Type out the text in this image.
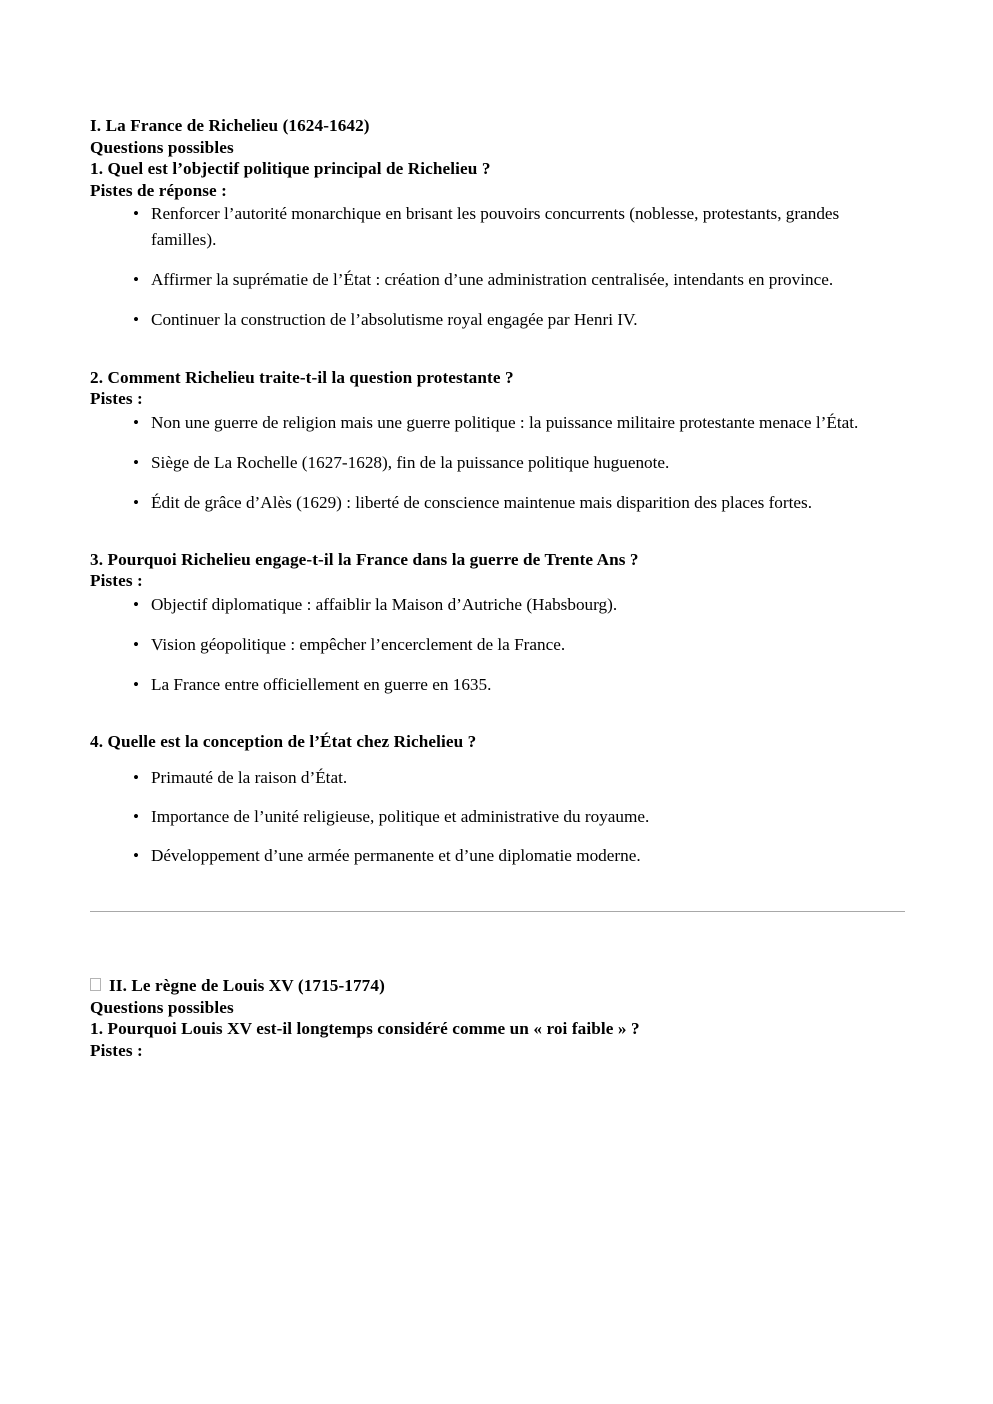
I. La France de Richelieu (1624-1642)

Questions possibles

1. Quel est l’objectif politique principal de Richelieu ?

Pistes de réponse :

• Renforcer l’autorité monarchique en brisant les pouvoirs concurrents (noblesse, protestants, grandes familles).
• Affirmer la suprématie de l’État : création d’une administration centralisée, intendants en province.
• Continuer la construction de l’absolutisme royal engagée par Henri IV.

2. Comment Richelieu traite-t-il la question protestante ?

Pistes :

• Non une guerre de religion mais une guerre politique : la puissance militaire protestante menace l’État.
• Siège de La Rochelle (1627-1628), fin de la puissance politique huguenote.
• Édit de grâce d’Alès (1629) : liberté de conscience maintenue mais disparition des places fortes.

3. Pourquoi Richelieu engage-t-il la France dans la guerre de Trente Ans ?

Pistes :

• Objectif diplomatique : affaiblir la Maison d’Autriche (Habsbourg).
• Vision géopolitique : empêcher l’encerclement de la France.
• La France entre officiellement en guerre en 1635.

4. Quelle est la conception de l’État chez Richelieu ?

• Primauté de la raison d’État.
• Importance de l’unité religieuse, politique et administrative du royaume.
• Développement d’une armée permanente et d’une diplomatie moderne.

II. Le règne de Louis XV (1715-1774)

Questions possibles

1. Pourquoi Louis XV est-il longtemps considéré comme un « roi faible » ?

Pistes :
